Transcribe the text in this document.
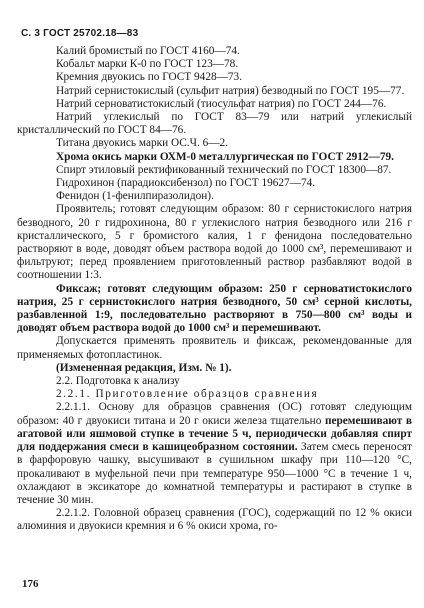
С. 3 ГОСТ 25702.18—83

Калий бромистый по ГОСТ 4160—74.

Кобальт марки К-0 по ГОСТ 123—78.

Кремния двуокись по ГОСТ 9428—73.

Натрий сернистокислый (сульфит натрия) безводный по ГОСТ 195—77.

Натрий серноватистокислый (тиосульфат натрия) по ГОСТ 244—76.

Натрий углекислый по ГОСТ 83—79 или натрий углекислый кристаллический по ГОСТ 84—76.

Титана двуокись марки ОС.Ч. 6—2.

Хрома окись марки ОХМ-0 металлургическая по ГОСТ 2912—79.

Спирт этиловый ректификованный технический по ГОСТ 18300—87.

Гидрохинон (парадиоксибензол) по ГОСТ 19627—74.

Фенидон (1-фенилпиразолидон).

Проявитель; готовят следующим образом: 80 г сернистокислого натрия безводного, 20 г гидрохинона, 80 г углекислого натрия безводного или 216 г кристаллического, 5 г бромистого калия, 1 г фенидона последовательно растворяют в воде, доводят объем раствора водой до 1000 см³, перемешивают и фильтруют; перед проявлением приготовленный раствор разбавляют водой в соотношении 1:3.

Фиксаж; готовят следующим образом: 250 г серноватистокислого натрия, 25 г сернистокислого натрия безводного, 50 см³ серной кислоты, разбавленной 1:9, последовательно растворяют в 750—800 см³ воды и доводят объем раствора водой до 1000 см³ и перемешивают.

Допускается применять проявитель и фиксаж, рекомендованные для применяемых фотопластинок.

(Измененная редакция, Изм. № 1).

2.2. Подготовка к анализу

2.2.1. Приготовление образцов сравнения

2.2.1.1. Основу для образцов сравнения (ОС) готовят следующим образом: 40 г двуокиси титана и 20 г окиси железа тщательно перемешивают в агатовой или яшмовой ступке в течение 5 ч, периодически добавляя спирт для поддержания смеси в кашицеобразном состоянии. Затем смесь переносят в фарфоровую чашку, высушивают в сушильном шкафу при 110—120 °С, прокаливают в муфельной печи при температуре 950—1000 °С в течение 1 ч, охлаждают в эксикаторе до комнатной температуры и растирают в ступке в течение 30 мин.

2.2.1.2. Головной образец сравнения (ГОС), содержащий по 12 % окиси алюминия и двуокиси кремния и 6 % окиси хрома, го-

176
